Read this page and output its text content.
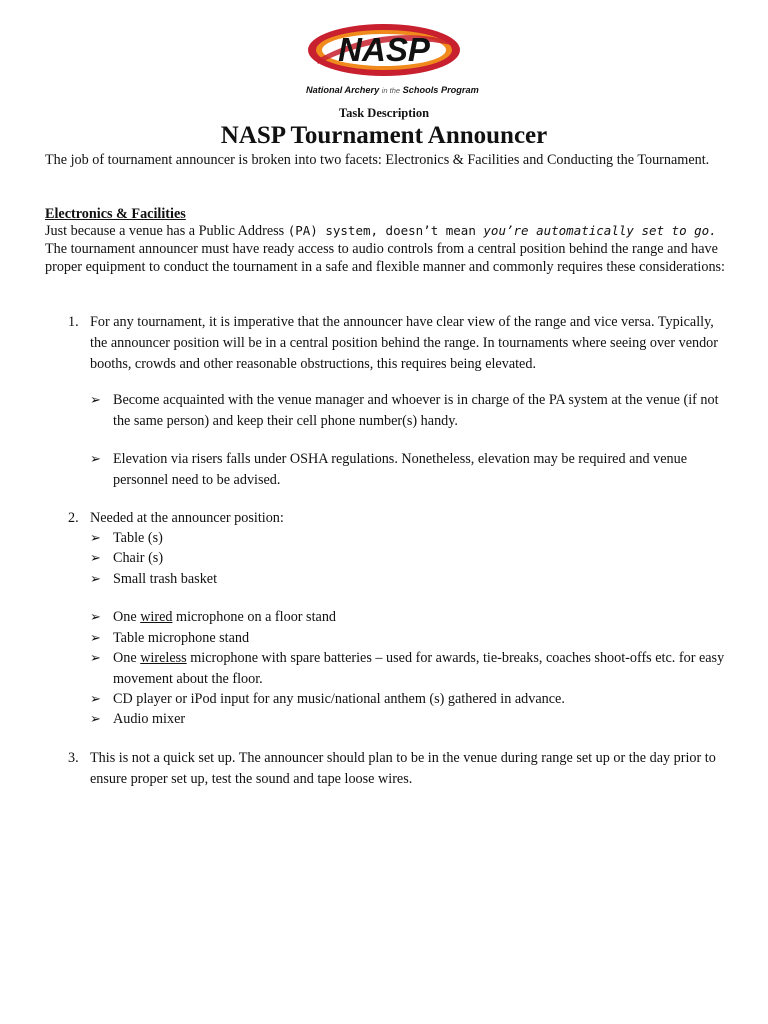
NASP
National Archery in the Schools Program
Task Description
NASP Tournament Announcer
The job of tournament announcer is broken into two facets: Electronics & Facilities and Conducting the Tournament.
Electronics & Facilities
Just because a venue has a Public Address (PA) system, doesn’t mean you’re automatically set to go. The tournament announcer must have ready access to audio controls from a central position behind the range and have proper equipment to conduct the tournament in a safe and flexible manner and commonly requires these considerations:
1. For any tournament, it is imperative that the announcer have clear view of the range and vice versa. Typically, the announcer position will be in a central position behind the range. In tournaments where seeing over vendor booths, crowds and other reasonable obstructions, this requires being elevated.
➢ Become acquainted with the venue manager and whoever is in charge of the PA system at the venue (if not the same person) and keep their cell phone number(s) handy.
➢ Elevation via risers falls under OSHA regulations. Nonetheless, elevation may be required and venue personnel need to be advised.
2. Needed at the announcer position:
➢ Table (s)
➢ Chair (s)
➢ Small trash basket
➢ One wired microphone on a floor stand
➢ Table microphone stand
➢ One wireless microphone with spare batteries – used for awards, tie-breaks, coaches shoot-offs etc. for easy movement about the floor.
➢ CD player or iPod input for any music/national anthem (s) gathered in advance.
➢ Audio mixer
3. This is not a quick set up. The announcer should plan to be in the venue during range set up or the day prior to ensure proper set up, test the sound and tape loose wires.
